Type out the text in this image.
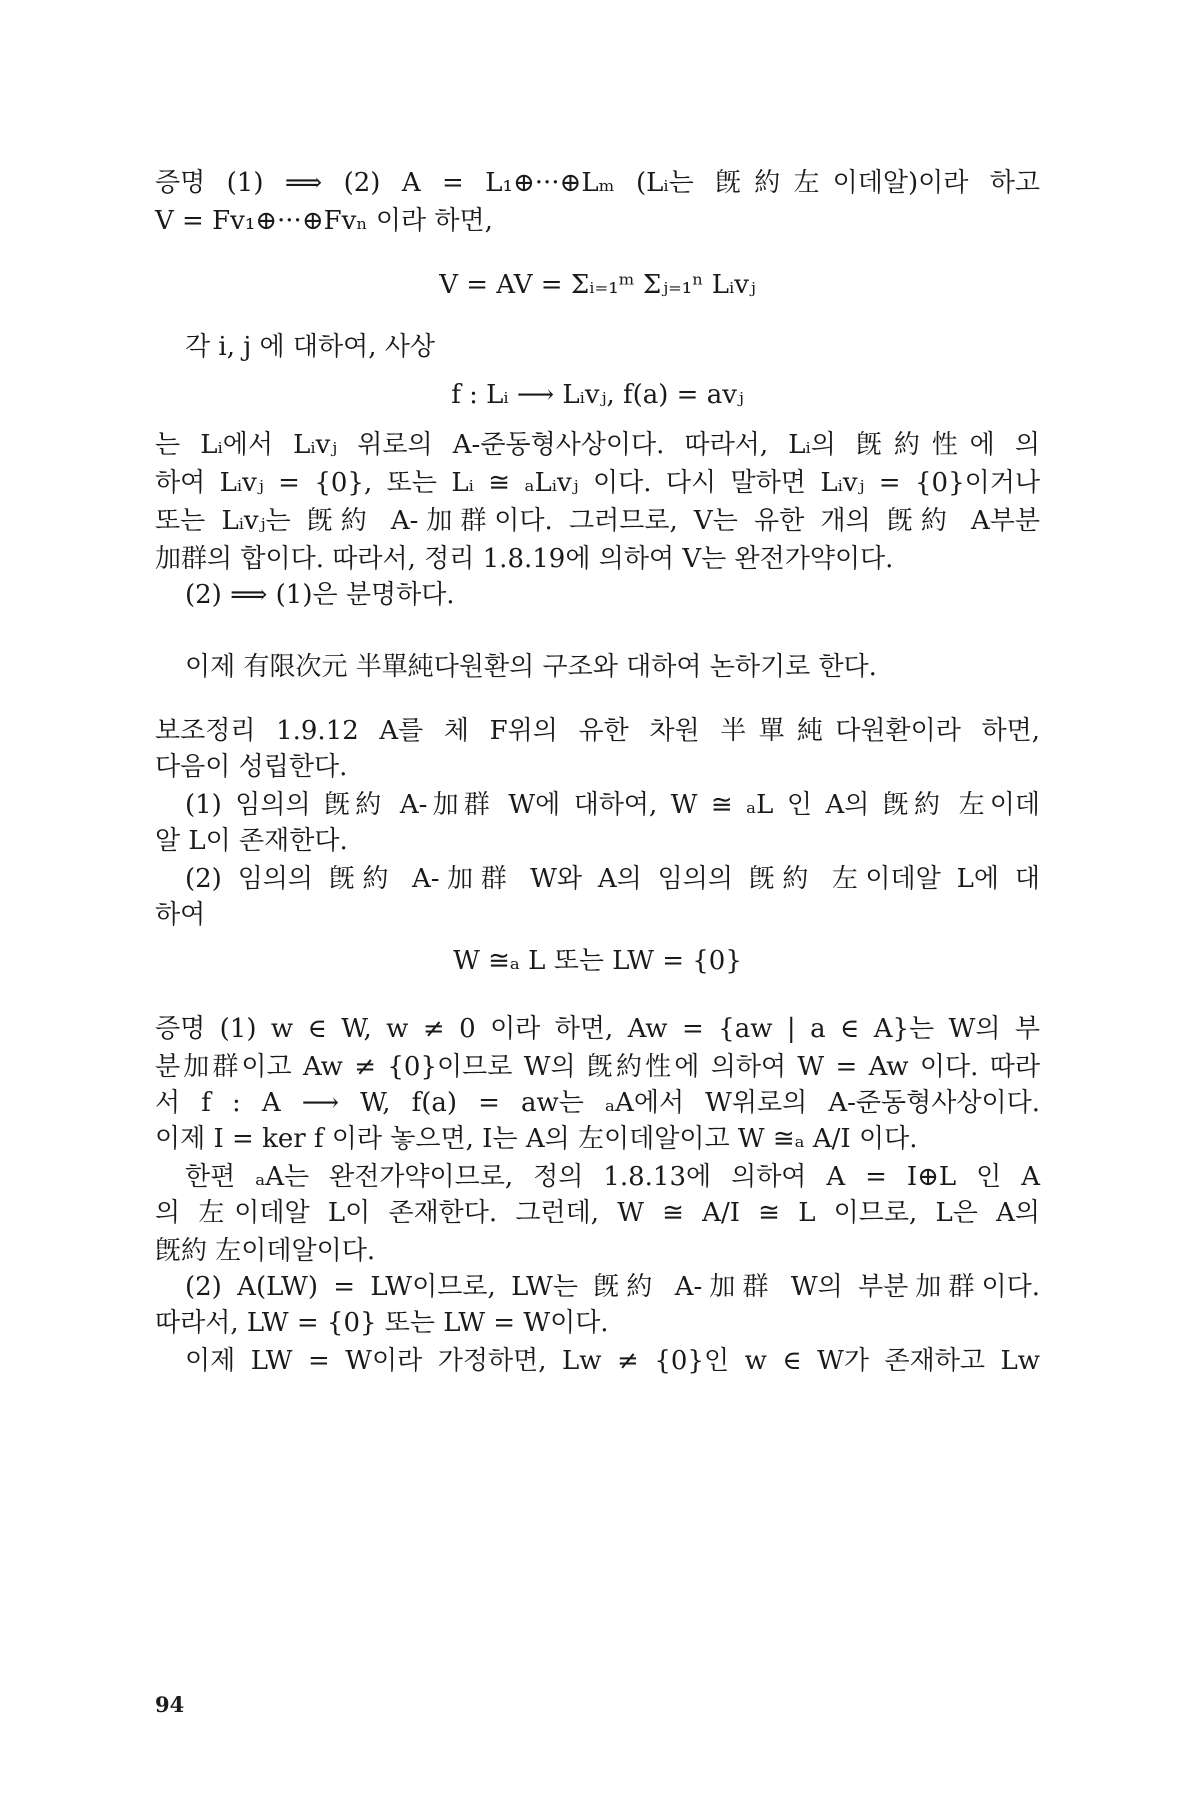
증명 (1) ⟹ (2) A = L₁⊕···⊕Lₘ (Lᵢ는 旣約左이데알)이라 하고
V = Fv₁⊕···⊕Fvₙ 이라 하면,
V = AV = Σᵢ₌₁ᵐ Σⱼ₌₁ⁿ Lᵢvⱼ
각 i, j 에 대하여, 사상
f : Lᵢ ⟶ Lᵢvⱼ, f(a) = avⱼ
는 Lᵢ에서 Lᵢvⱼ 위로의 A-준동형사상이다. 따라서, Lᵢ의 旣約性에 의
하여 Lᵢvⱼ = {0}, 또는 Lᵢ ≅ ₐLᵢvⱼ 이다. 다시 말하면 Lᵢvⱼ = {0}이거나
또는 Lᵢvⱼ는 旣約 A-加群이다. 그러므로, V는 유한 개의 旣約 A부분
加群의 합이다. 따라서, 정리 1.8.19에 의하여 V는 완전가약이다.
(2) ⟹ (1)은 분명하다.
이제 有限次元 半單純다원환의 구조와 대하여 논하기로 한다.
보조정리 1.9.12 A를 체 F위의 유한 차원 半單純다원환이라 하면,
다음이 성립한다.
(1) 임의의 旣約 A-加群 W에 대하여, W ≅ ₐL 인 A의 旣約 左이데
알 L이 존재한다.
(2) 임의의 旣約 A-加群 W와 A의 임의의 旣約 左이데알 L에 대
하여
W ≅ₐ L 또는 LW = {0}
증명 (1) w ∈ W, w ≠ 0 이라 하면, Aw = {aw | a ∈ A}는 W의 부
분加群이고 Aw ≠ {0}이므로 W의 旣約性에 의하여 W = Aw 이다. 따라
서 f : A ⟶ W, f(a) = aw는 ₐA에서 W위로의 A-준동형사상이다.
이제 I = ker f 이라 놓으면, I는 A의 左이데알이고 W ≅ₐ A/I 이다.
한편 ₐA는 완전가약이므로, 정의 1.8.13에 의하여 A = I⊕L 인 A
의 左이데알 L이 존재한다. 그런데, W ≅ A/I ≅ L 이므로, L은 A의
旣約 左이데알이다.
(2) A(LW) = LW이므로, LW는 旣約 A-加群 W의 부분加群이다.
따라서, LW = {0} 또는 LW = W이다.
이제 LW = W이라 가정하면, Lw ≠ {0}인 w ∈ W가 존재하고 Lw
94
